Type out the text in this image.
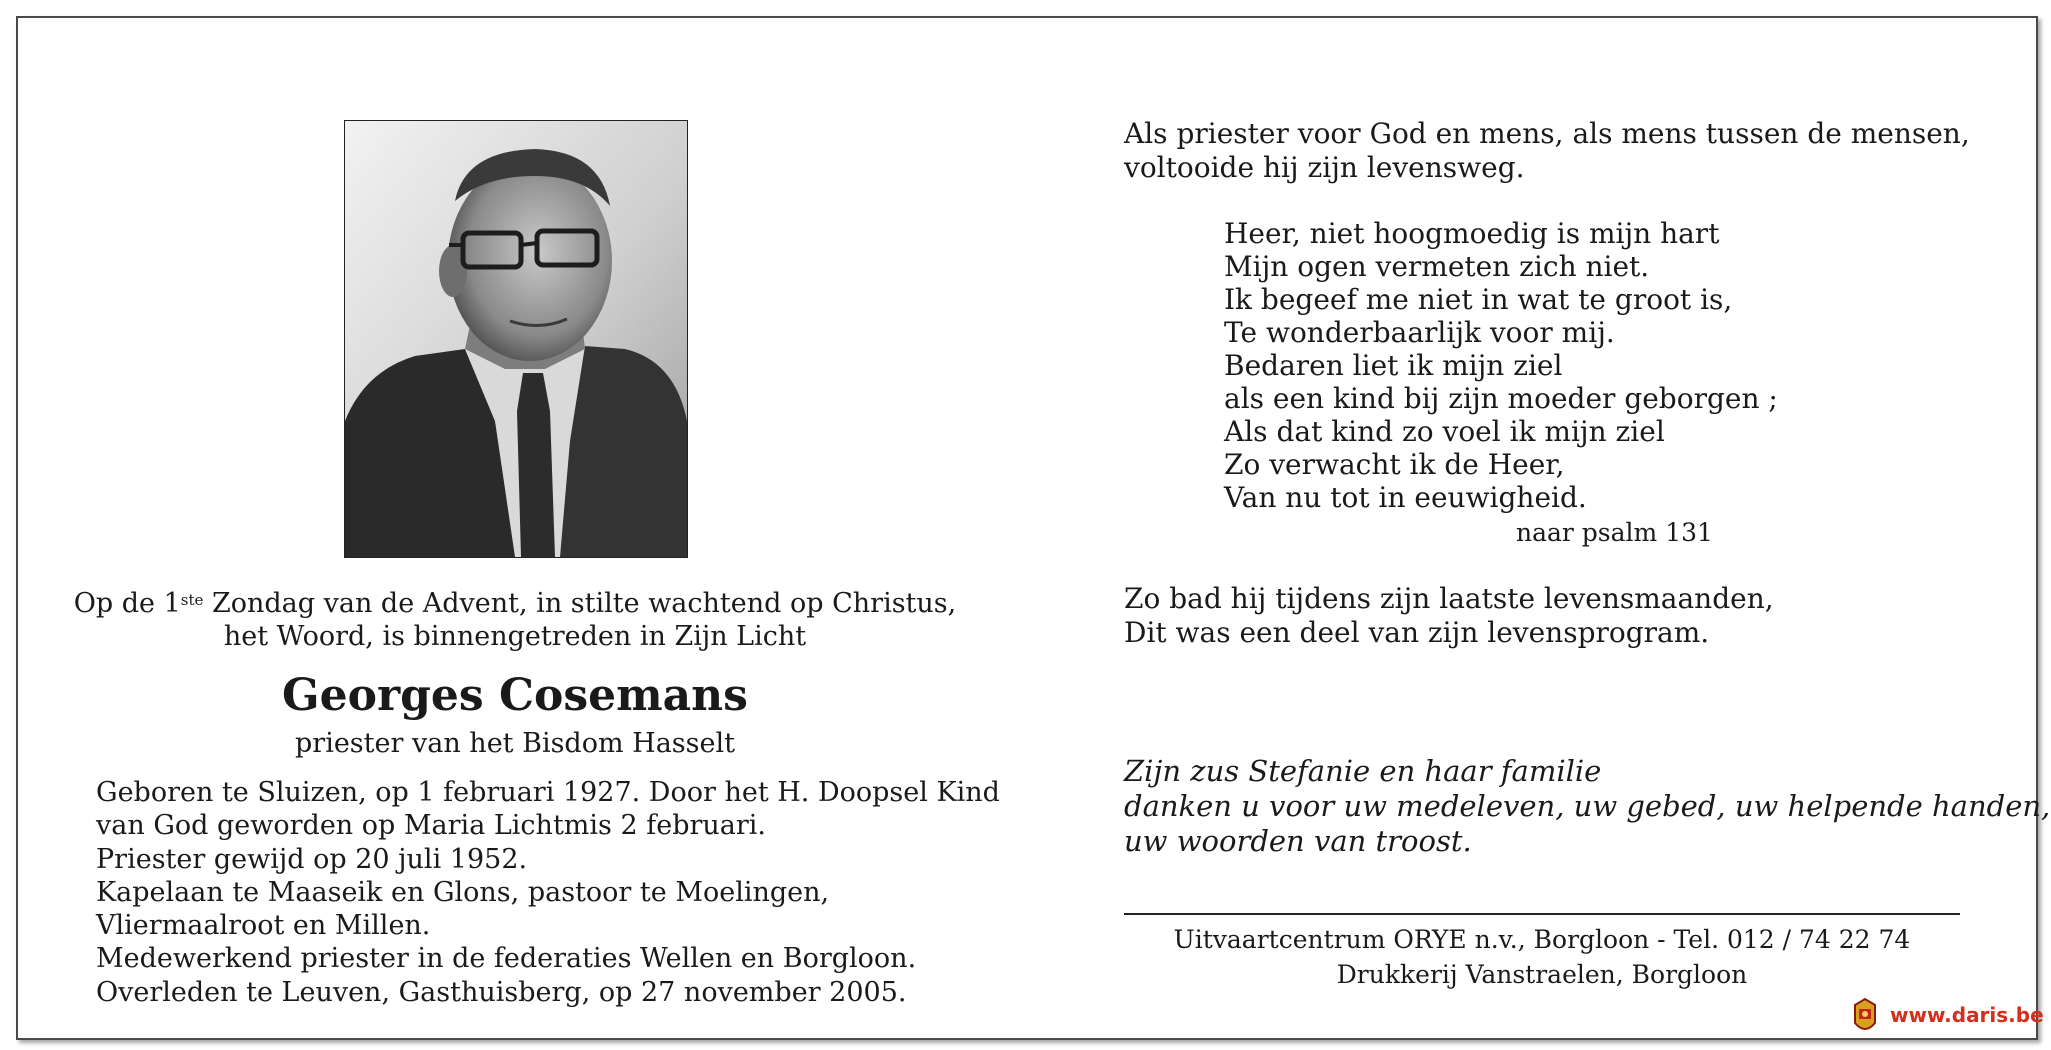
Op de 1ste Zondag van de Advent, in stilte wachtend op Christus,
het Woord, is binnengetreden in Zijn Licht
Georges Cosemans
priester van het Bisdom Hasselt
Geboren te Sluizen, op 1 februari 1927. Door het H. Doopsel Kind
van God geworden op Maria Lichtmis 2 februari.
Priester gewijd op 20 juli 1952.
Kapelaan te Maaseik en Glons, pastoor te Moelingen,
Vliermaalroot en Millen.
Medewerkend priester in de federaties Wellen en Borgloon.
Overleden te Leuven, Gasthuisberg, op 27 november 2005.
Als priester voor God en mens, als mens tussen de mensen,
voltooide hij zijn levensweg.
Heer, niet hoogmoedig is mijn hart
Mijn ogen vermeten zich niet.
Ik begeef me niet in wat te groot is,
Te wonderbaarlijk voor mij.
Bedaren liet ik mijn ziel
als een kind bij zijn moeder geborgen ;
Als dat kind zo voel ik mijn ziel
Zo verwacht ik de Heer,
Van nu tot in eeuwigheid.
naar psalm 131
Zo bad hij tijdens zijn laatste levensmaanden,
Dit was een deel van zijn levensprogram.
Zijn zus Stefanie en haar familie
danken u voor uw medeleven, uw gebed, uw helpende handen,
uw woorden van troost.
Uitvaartcentrum ORYE n.v., Borgloon - Tel. 012 / 74 22 74
Drukkerij Vanstraelen, Borgloon
www.daris.be
